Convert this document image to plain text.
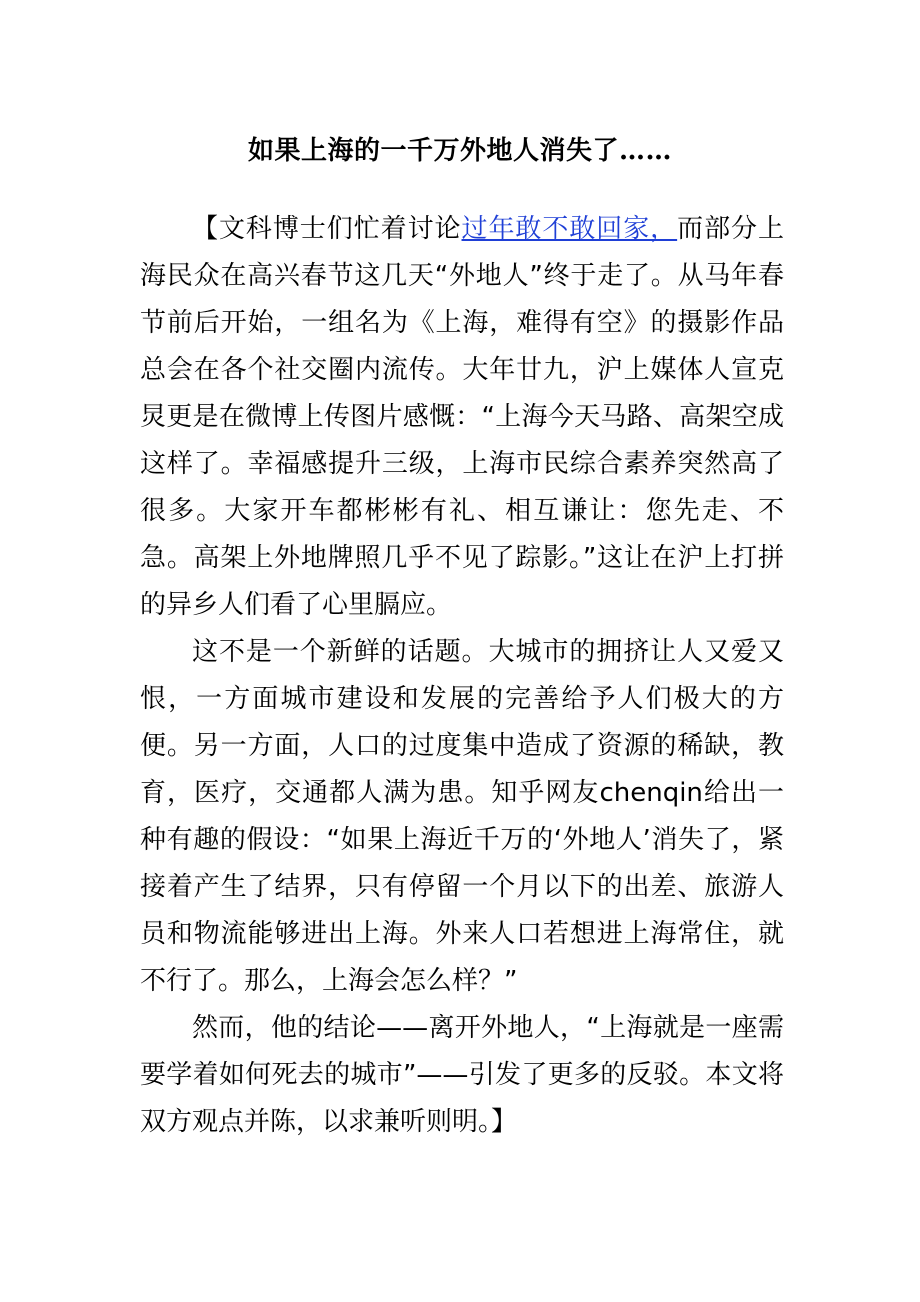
如果上海的一千万外地人消失了……

【文科博士们忙着讨论过年敢不敢回家，而部分上海民众在高兴春节这几天“外地人”终于走了。从马年春节前后开始，一组名为《上海，难得有空》的摄影作品总会在各个社交圈内流传。大年廿九，沪上媒体人宣克炅更是在微博上传图片感慨：“上海今天马路、高架空成这样了。幸福感提升三级，上海市民综合素养突然高了很多。大家开车都彬彬有礼、相互谦让：您先走、不急。高架上外地牌照几乎不见了踪影。”这让在沪上打拼的异乡人们看了心里膈应。

这不是一个新鲜的话题。大城市的拥挤让人又爱又恨，一方面城市建设和发展的完善给予人们极大的方便。另一方面，人口的过度集中造成了资源的稀缺，教育，医疗，交通都人满为患。知乎网友chenqin给出一种有趣的假设：“如果上海近千万的‘外地人’消失了，紧接着产生了结界，只有停留一个月以下的出差、旅游人员和物流能够进出上海。外来人口若想进上海常住，就不行了。那么，上海会怎么样？”

然而，他的结论——离开外地人，“上海就是一座需要学着如何死去的城市”——引发了更多的反驳。本文将双方观点并陈，以求兼听则明。】
